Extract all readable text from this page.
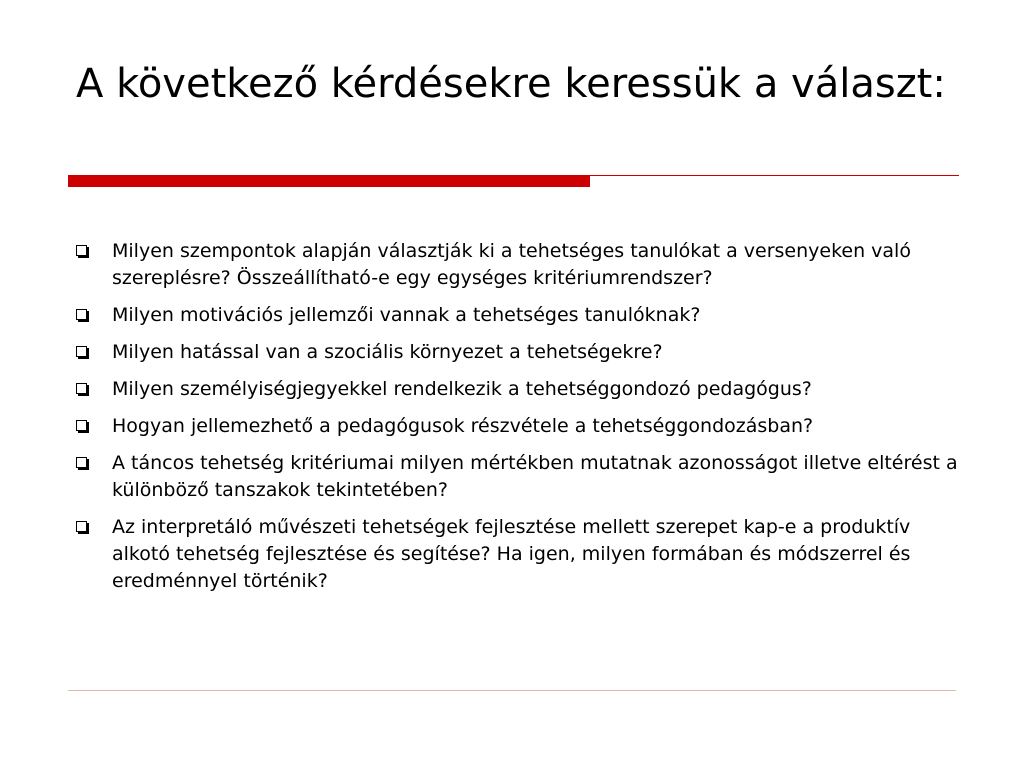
A következő kérdésekre keressük a választ:
Milyen szempontok alapján választják ki a tehetséges tanulókat a versenyeken való szereplésre? Összeállítható-e egy egységes kritériumrendszer?
Milyen motivációs jellemzői vannak a tehetséges tanulóknak?
Milyen hatással van a szociális környezet a tehetségekre?
Milyen személyiségjegyekkel rendelkezik a tehetséggondozó pedagógus?
Hogyan jellemezhető a pedagógusok részvétele a tehetséggondozásban?
A táncos tehetség kritériumai milyen mértékben mutatnak azonosságot illetve eltérést a különböző tanszakok tekintetében?
Az interpretáló művészeti tehetségek fejlesztése mellett szerepet kap-e a produktív alkotó tehetség fejlesztése és segítése? Ha igen, milyen formában és módszerrel és eredménnyel történik?
